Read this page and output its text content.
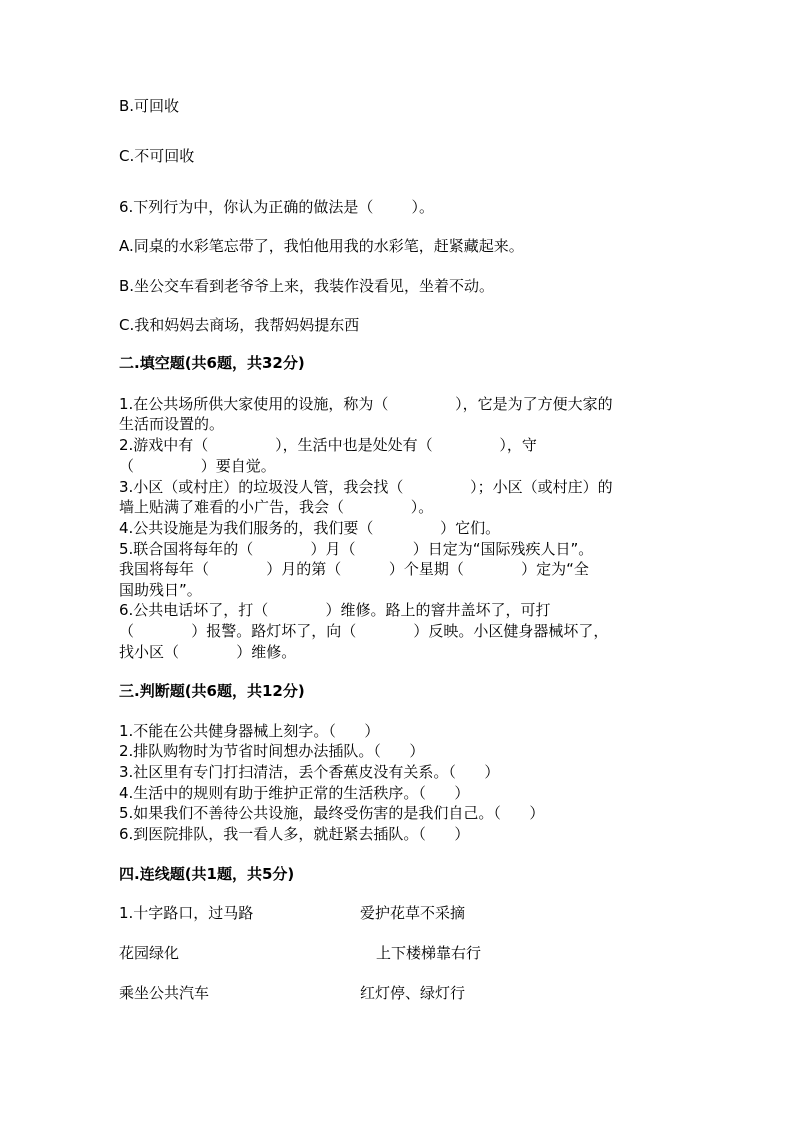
B.可回收
C.不可回收
6.下列行为中，你认为正确的做法是（        ）。
A.同桌的水彩笔忘带了，我怕他用我的水彩笔，赶紧藏起来。
B.坐公交车看到老爷爷上来，我装作没看见，坐着不动。
C.我和妈妈去商场，我帮妈妈提东西
二.填空题(共6题，共32分)
1.在公共场所供大家使用的设施，称为（              ），它是为了方便大家的
生活而设置的。
2.游戏中有（              ），生活中也是处处有（              ），守
（              ）要自觉。
3.小区（或村庄）的垃圾没人管，我会找（              ）；小区（或村庄）的
墙上贴满了难看的小广告，我会（              ）。
4.公共设施是为我们服务的，我们要（              ）它们。
5.联合国将每年的（            ）月（            ）日定为“国际残疾人日”。
我国将每年（            ）月的第（          ）个星期（            ）定为“全
国助残日”。
6.公共电话坏了，打（            ）维修。路上的窨井盖坏了，可打
（            ）报警。路灯坏了，向（            ）反映。小区健身器械坏了，
找小区（            ）维修。
三.判断题(共6题，共12分)
1.不能在公共健身器械上刻字。（      ）
2.排队购物时为节省时间想办法插队。（      ）
3.社区里有专门打扫清洁，丢个香蕉皮没有关系。（      ）
4.生活中的规则有助于维护正常的生活秩序。（      ）
5.如果我们不善待公共设施，最终受伤害的是我们自己。（      ）
6.到医院排队，我一看人多，就赶紧去插队。（      ）
四.连线题(共1题，共5分)
1.十字路口，过马路	爱护花草不采摘
花园绿化	上下楼梯靠右行
乘坐公共汽车	红灯停、绿灯行
